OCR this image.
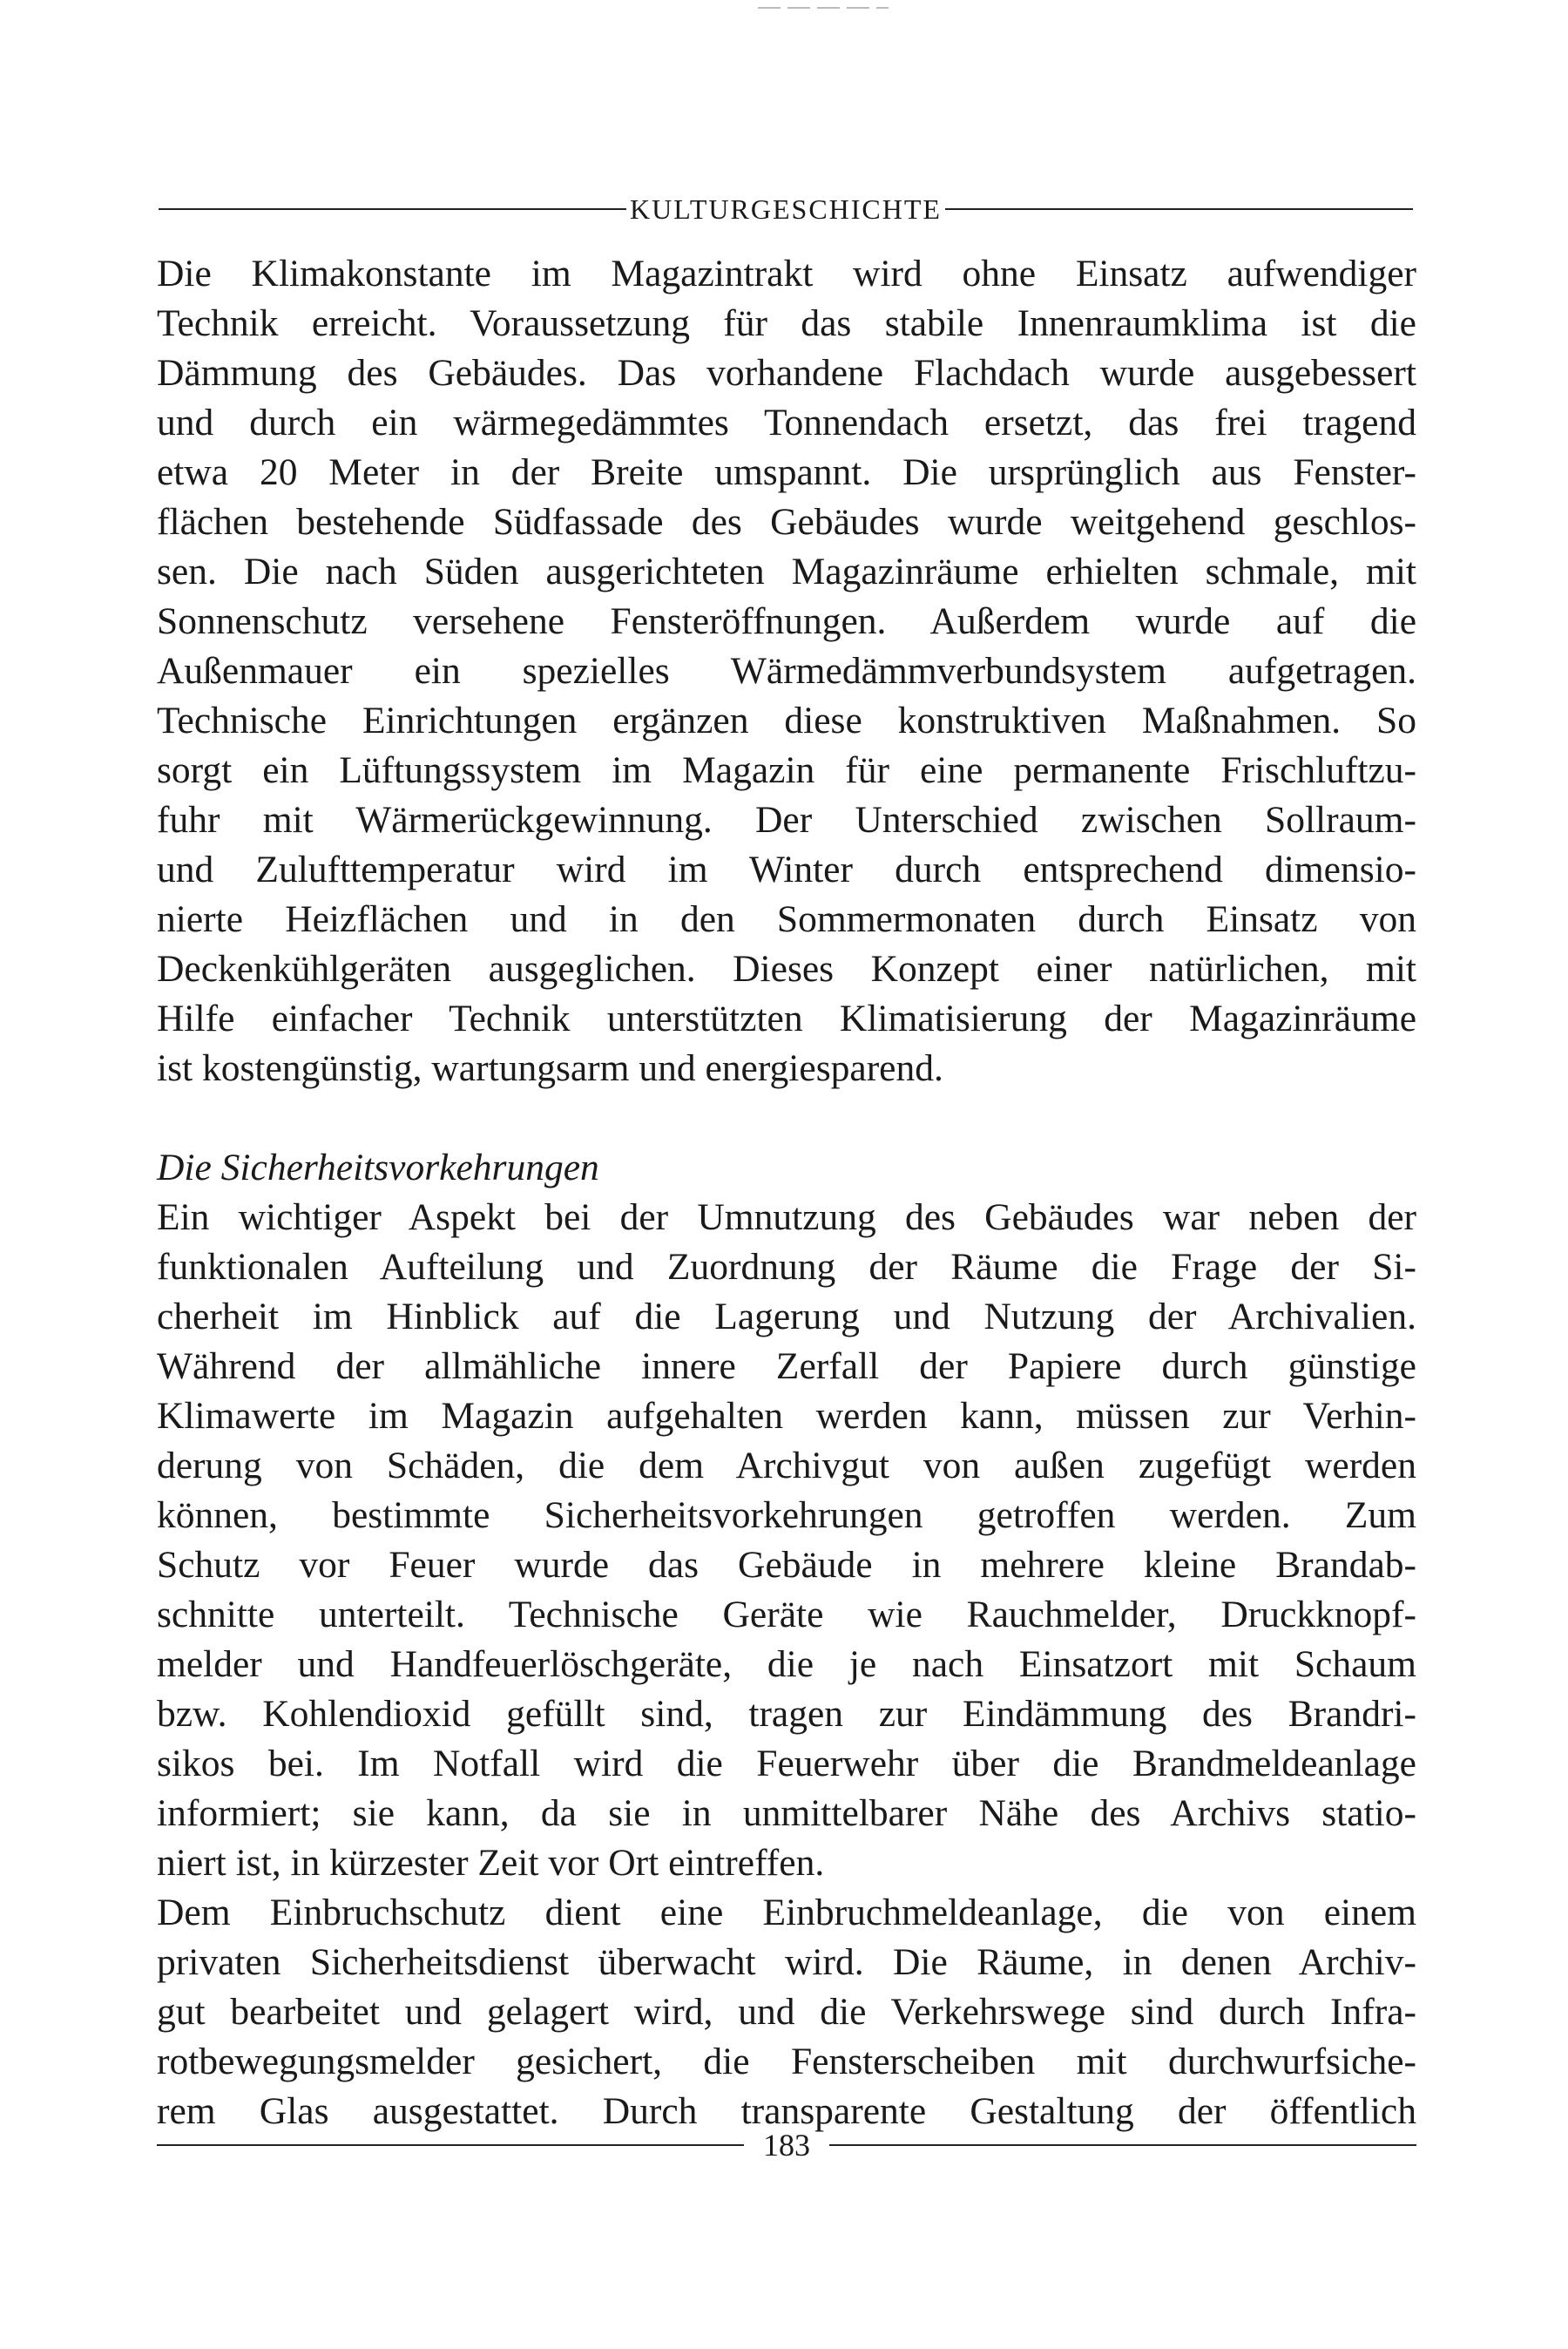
KULTURGESCHICHTE
Die Klimakonstante im Magazintrakt wird ohne Einsatz aufwendiger
Technik erreicht. Voraussetzung für das stabile Innenraumklima ist die
Dämmung des Gebäudes. Das vorhandene Flachdach wurde ausgebessert
und durch ein wärmegedämmtes Tonnendach ersetzt, das frei tragend
etwa 20 Meter in der Breite umspannt. Die ursprünglich aus Fenster-
flächen bestehende Südfassade des Gebäudes wurde weitgehend geschlos-
sen. Die nach Süden ausgerichteten Magazinräume erhielten schmale, mit
Sonnenschutz versehene Fensteröffnungen. Außerdem wurde auf die
Außenmauer ein spezielles Wärmedämmverbundsystem aufgetragen.
Technische Einrichtungen ergänzen diese konstruktiven Maßnahmen. So
sorgt ein Lüftungssystem im Magazin für eine permanente Frischluftzu-
fuhr mit Wärmerückgewinnung. Der Unterschied zwischen Sollraum-
und Zulufttemperatur wird im Winter durch entsprechend dimensio-
nierte Heizflächen und in den Sommermonaten durch Einsatz von
Deckenkühlgeräten ausgeglichen. Dieses Konzept einer natürlichen, mit
Hilfe einfacher Technik unterstützten Klimatisierung der Magazinräume
ist kostengünstig, wartungsarm und energiesparend.
Die Sicherheitsvorkehrungen
Ein wichtiger Aspekt bei der Umnutzung des Gebäudes war neben der
funktionalen Aufteilung und Zuordnung der Räume die Frage der Si-
cherheit im Hinblick auf die Lagerung und Nutzung der Archivalien.
Während der allmähliche innere Zerfall der Papiere durch günstige
Klimawerte im Magazin aufgehalten werden kann, müssen zur Verhin-
derung von Schäden, die dem Archivgut von außen zugefügt werden
können, bestimmte Sicherheitsvorkehrungen getroffen werden. Zum
Schutz vor Feuer wurde das Gebäude in mehrere kleine Brandab-
schnitte unterteilt. Technische Geräte wie Rauchmelder, Druckknopf-
melder und Handfeuerlöschgeräte, die je nach Einsatzort mit Schaum
bzw. Kohlendioxid gefüllt sind, tragen zur Eindämmung des Brandri-
sikos bei. Im Notfall wird die Feuerwehr über die Brandmeldeanlage
informiert; sie kann, da sie in unmittelbarer Nähe des Archivs statio-
niert ist, in kürzester Zeit vor Ort eintreffen.
Dem Einbruchschutz dient eine Einbruchmeldeanlage, die von einem
privaten Sicherheitsdienst überwacht wird. Die Räume, in denen Archiv-
gut bearbeitet und gelagert wird, und die Verkehrswege sind durch Infra-
rotbewegungsmelder gesichert, die Fensterscheiben mit durchwurfsiche-
rem Glas ausgestattet. Durch transparente Gestaltung der öffentlich
183
